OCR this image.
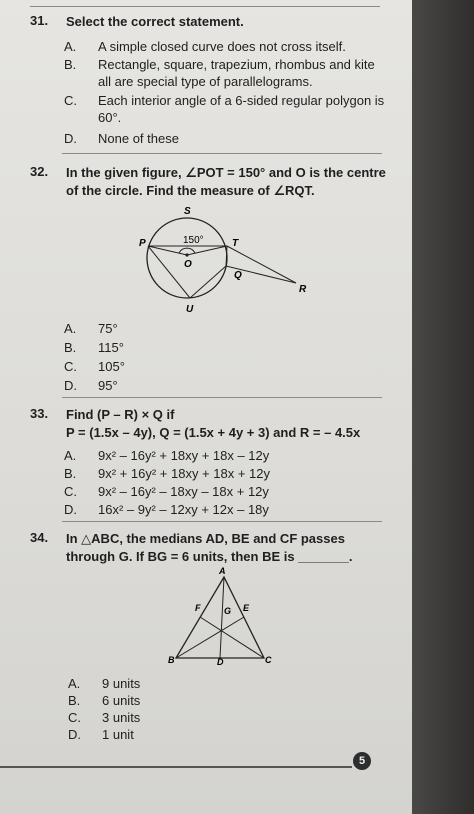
31. Select the correct statement.
A. A simple closed curve does not cross itself.
B. Rectangle, square, trapezium, rhombus and kite all are special type of parallelograms.
C. Each interior angle of a 6-sided regular polygon is 60°.
D. None of these
32. In the given figure, ∠POT = 150° and O is the centre of the circle. Find the measure of ∠RQT.
150°
S
P	T
O
Q
R
U
A. 75°
B. 115°
C. 105°
D. 95°
33. Find (P – R) × Q if
P = (1.5x – 4y), Q = (1.5x + 4y + 3) and R = – 4.5x
A. 9x² – 16y² + 18xy + 18x – 12y
B. 9x² + 16y² + 18xy + 18x + 12y
C. 9x² – 16y² – 18xy – 18x + 12y
D. 16x² – 9y² – 12xy + 12x – 18y
34. In △ABC, the medians AD, BE and CF passes through G. If BG = 6 units, then BE is _______.
A
B	C
D
E
F	G
A. 9 units
B. 6 units
C. 3 units
D. 1 unit
5
